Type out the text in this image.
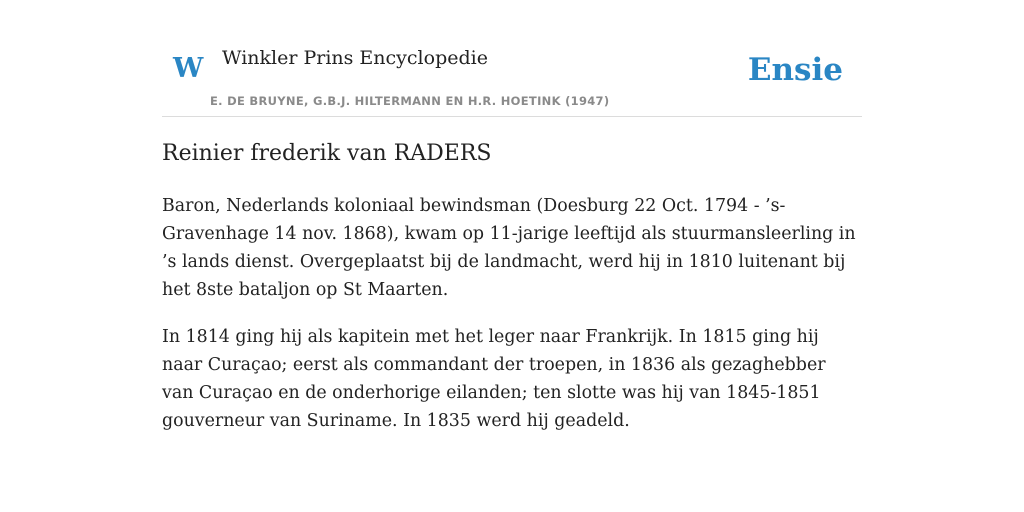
W Winkler Prins Encyclopedie
E. DE BRUYNE, G.B.J. HILTERMANN EN H.R. HOETINK (1947)
Ensie
Reinier frederik van RADERS

Baron, Nederlands koloniaal bewindsman (Doesburg 22 Oct. 1794 - ’s-Gravenhage 14 nov. 1868), kwam op 11-jarige leeftijd als stuurmansleerling in ’s lands dienst. Overgeplaatst bij de landmacht, werd hij in 1810 luitenant bij het 8ste bataljon op St Maarten.

In 1814 ging hij als kapitein met het leger naar Frankrijk. In 1815 ging hij naar Curaçao; eerst als commandant der troepen, in 1836 als gezaghebber van Curaçao en de onderhorige eilanden; ten slotte was hij van 1845-1851 gouverneur van Suriname. In 1835 werd hij geadeld.
